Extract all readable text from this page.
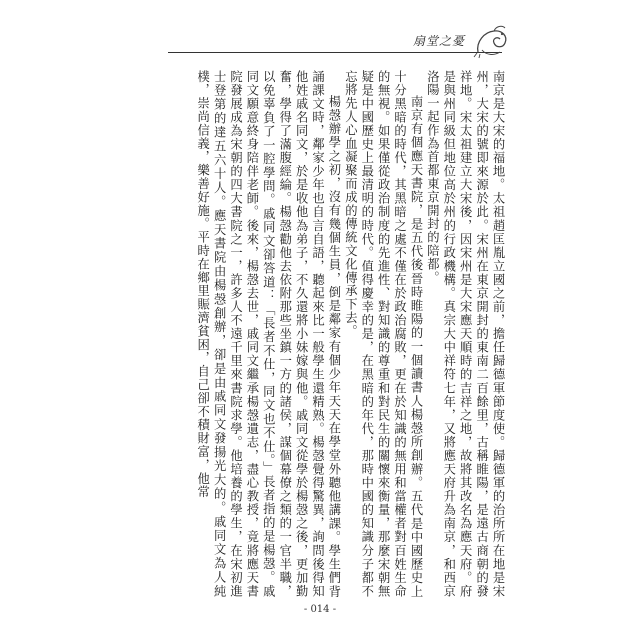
扇堂之憂

南京是大宋的福地。太祖趙匡胤立國之前，擔任歸德軍節度使。歸德軍的治所所在地是宋州，大宋的號即來源於此。宋州在東京開封的東南二百餘里，古稱睢陽，是遠古商朝的發祥地。宋太祖建立大宋後，因宋州是大宋應天順時的吉祥之地，故將其改名為應天府。府是與州同級但地位高於州的行政機構。真宗大中祥符七年，又將應天府升為南京，和西京洛陽一起作為首都東京開封的陪都。

南京有個應天書院，是五代後晉時睢陽的一個讀書人楊愨所創辦。五代是中國歷史上十分黑暗的時代，其黑暗之處不僅在於政治腐敗，更在於知識的無用和當權者對百姓生命的無視。如果僅從政治制度的先進性、對知識的尊重和對民生的關懷來衡量，那麼宋朝無疑是中國歷史上最清明的時代。值得慶幸的是，在黑暗的年代，那時中國的知識分子都不忘將先人心血凝聚而成的傳統文化傳承下去。

楊愨辦學之初，沒有幾個生員，倒是鄰家有個少年天天在學堂外聽他講課。學生們背誦課文時，鄰家少年也自言自語，聽起來比一般學生還精熟。楊愨覺得驚異，詢問後得知他姓戚名同文，於是收他為弟子，不久還將小妹嫁與他。戚同文從學於楊愨之後，更加勤奮，學得了滿腹經綸。楊愨勸他去依附那些坐鎮一方的諸侯，謀個幕僚之類的一官半職，以免辜負了一腔學問。戚同文卻答道：「長者不仕，同文也不仕。」長者指的是楊愨。戚同文願意終身陪伴老師。後來，楊愨去世，戚同文繼承楊愨遺志，盡心教授，竟將應天書院發展成為宋朝的四大書院之一，許多人不遠千里來書院求學。他培養的學生，在宋初進士登第的達五六十人。應天書院由楊愨創辦，卻是由戚同文發揚光大的。戚同文為人純樸，崇尚信義，樂善好施。平時在鄉里賑濟貧困，自己卻不積財富，他常

- 014 -
